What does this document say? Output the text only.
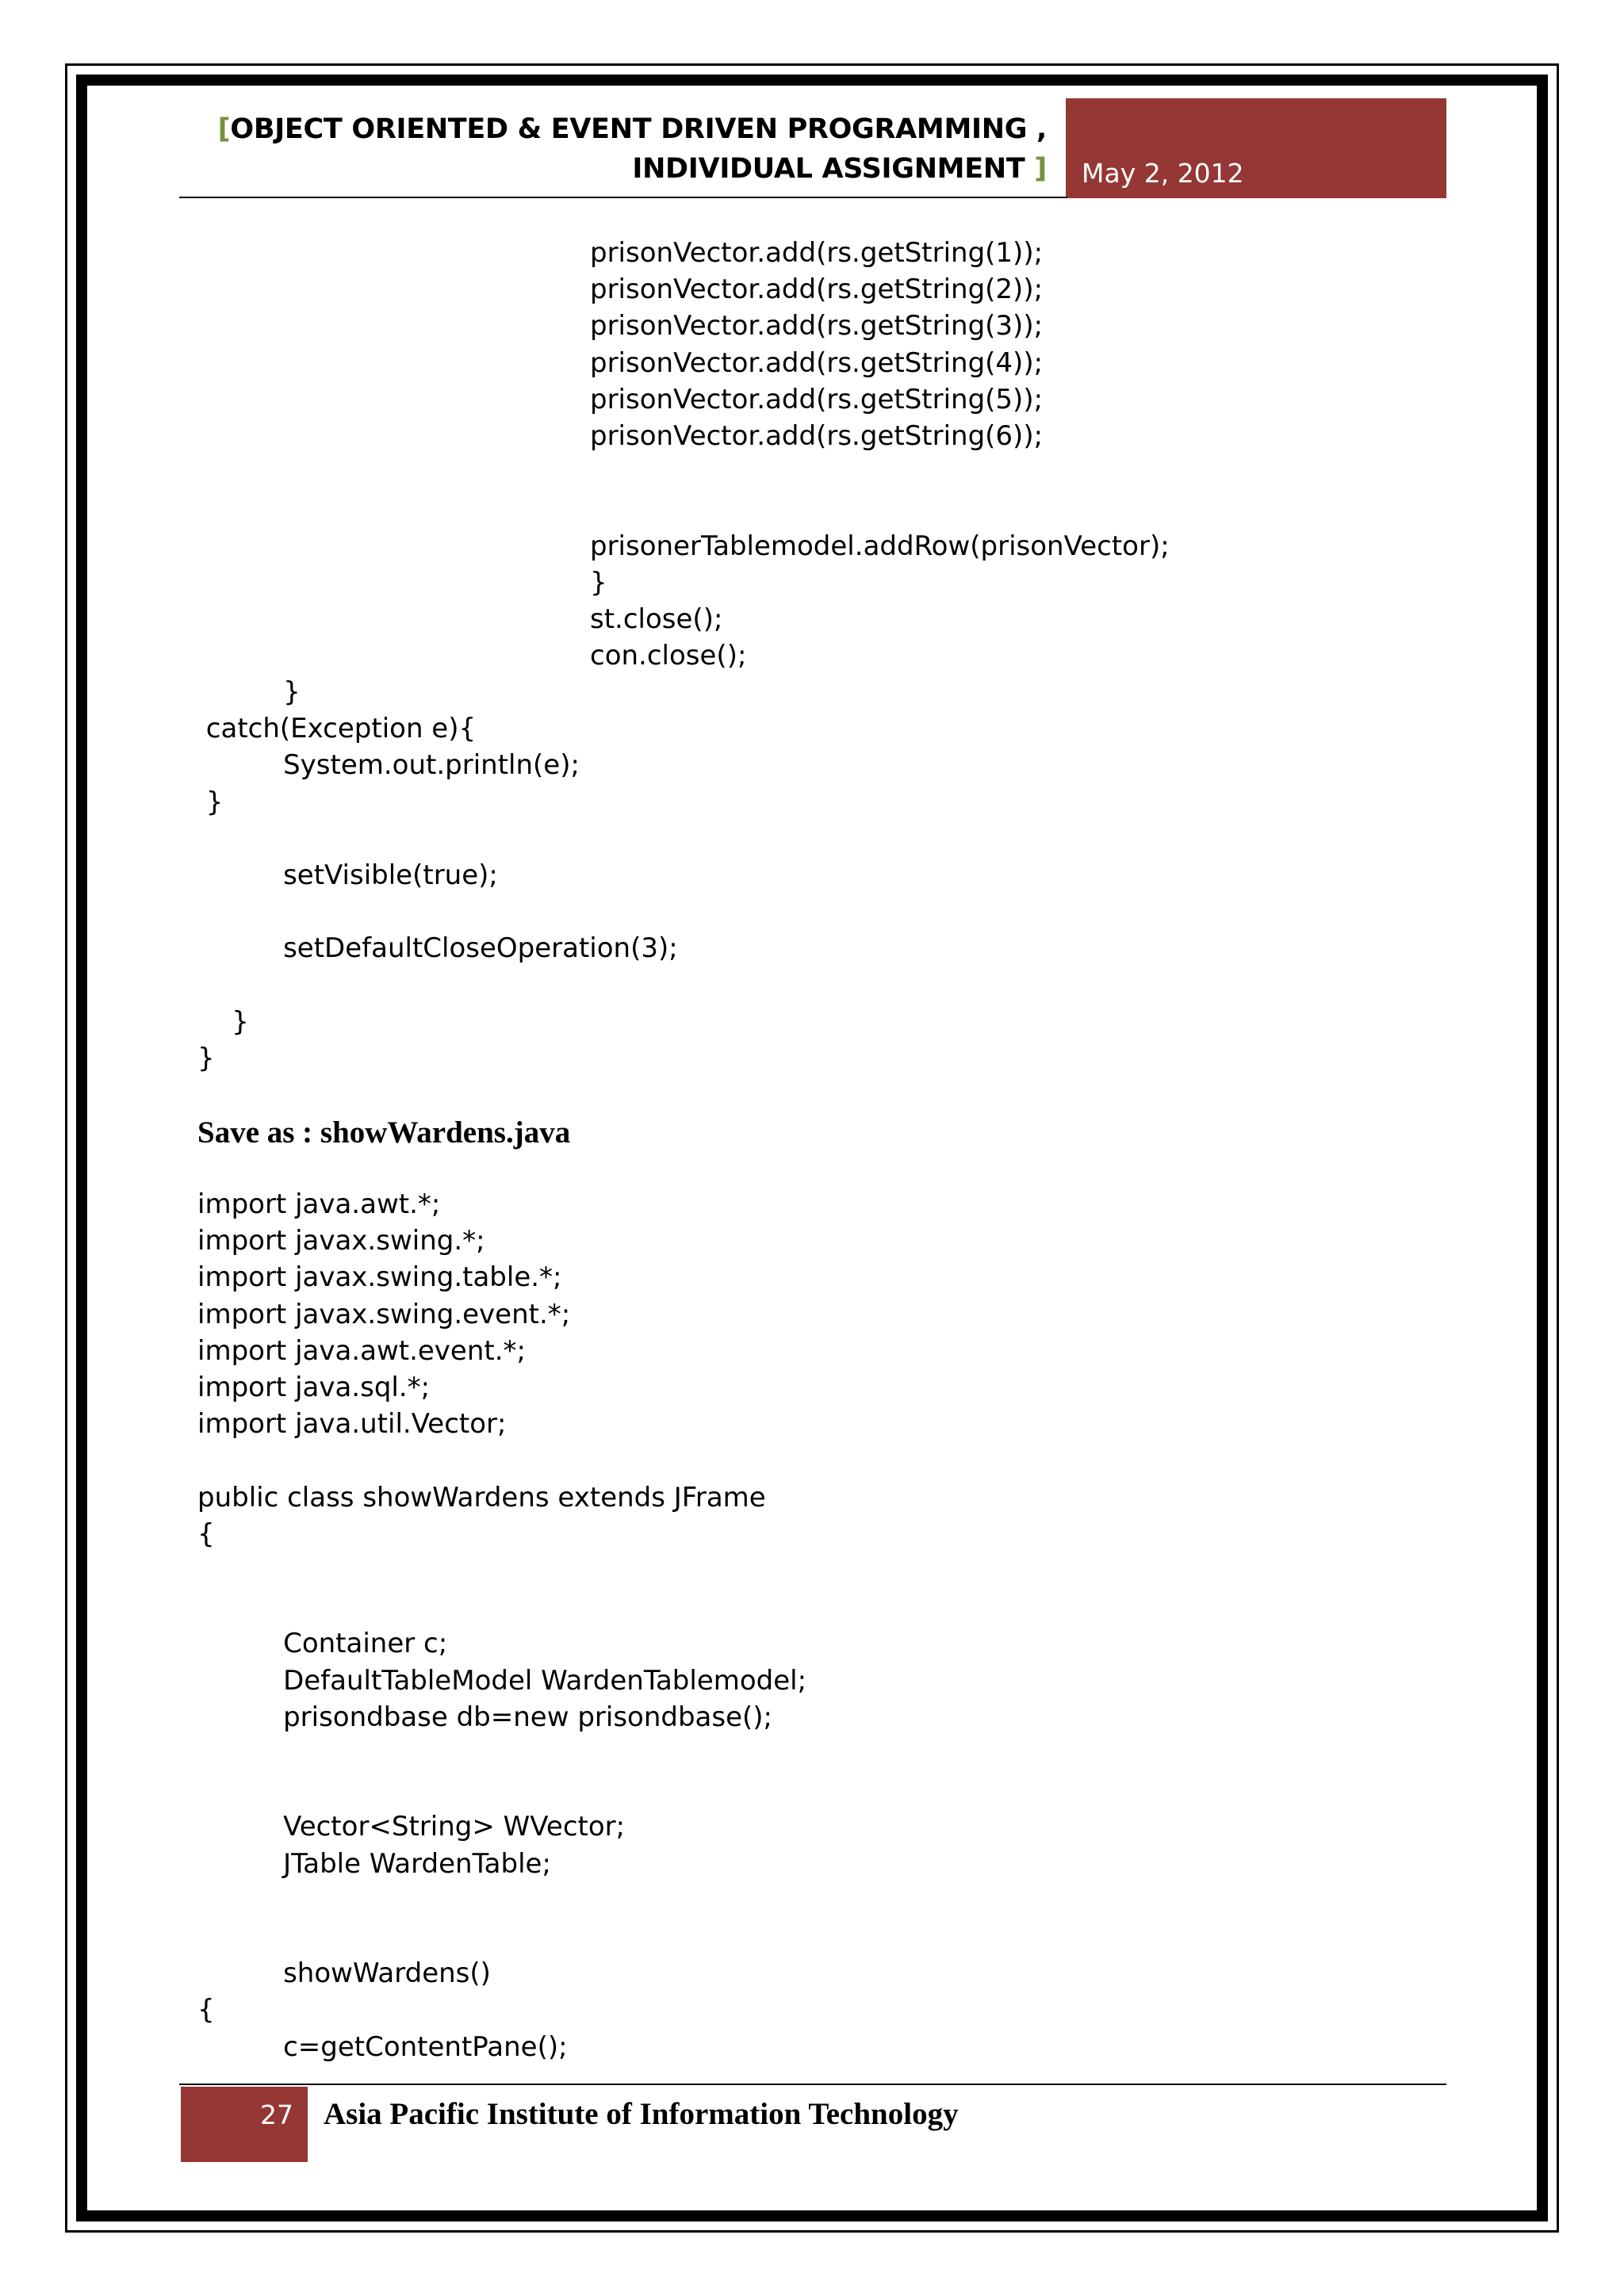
[OBJECT ORIENTED & EVENT DRIVEN PROGRAMMING ,
INDIVIDUAL ASSIGNMENT ] May 2, 2012
prisonVector.add(rs.getString(1));
prisonVector.add(rs.getString(2));
prisonVector.add(rs.getString(3));
prisonVector.add(rs.getString(4));
prisonVector.add(rs.getString(5));
prisonVector.add(rs.getString(6));

prisonerTablemodel.addRow(prisonVector);
}
st.close();
con.close();
}
catch(Exception e){
System.out.println(e);
}

setVisible(true);

setDefaultCloseOperation(3);

}
}
Save as : showWardens.java
import java.awt.*;
import javax.swing.*;
import javax.swing.table.*;
import javax.swing.event.*;
import java.awt.event.*;
import java.sql.*;
import java.util.Vector;

public class showWardens extends JFrame
{

Container c;
DefaultTableModel WardenTablemodel;
prisondbase db=new prisondbase();

Vector<String> WVector;
JTable WardenTable;

showWardens()
{
c=getContentPane();
27 Asia Pacific Institute of Information Technology
